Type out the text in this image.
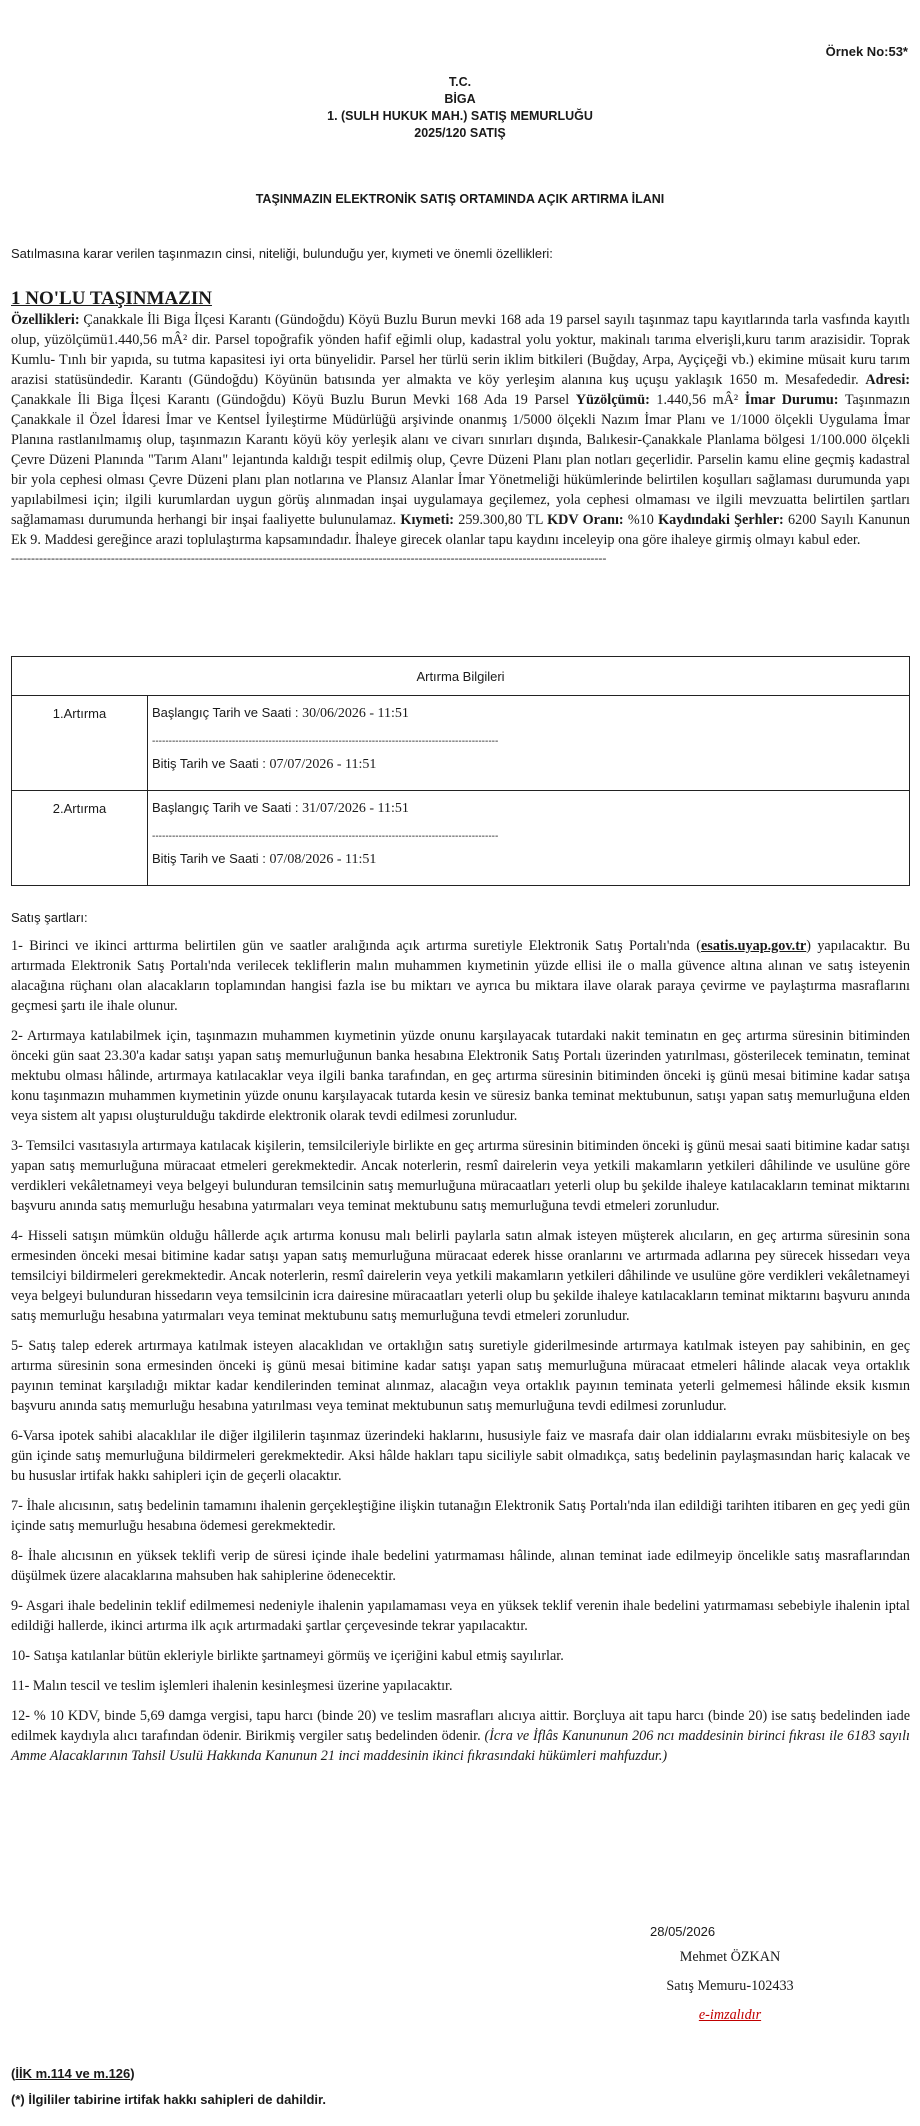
Örnek No:53*
T.C.
BİGA
1. (SULH HUKUK MAH.) SATIŞ MEMURLUĞU
2025/120 SATIŞ
TAŞINMAZIN ELEKTRONİK SATIŞ ORTAMINDA AÇIK ARTIRMA İLANI
Satılmasına karar verilen taşınmazın cinsi, niteliği, bulunduğu yer, kıymeti ve önemli özellikleri:
1 NO'LU TAŞINMAZIN

Özellikleri: Çanakkale İli Biga İlçesi Karantı (Gündoğdu) Köyü Buzlu Burun mevki 168 ada 19 parsel sayılı taşınmaz tapu kayıtlarında tarla vasfında kayıtlı olup, yüzölçümü1.440,56 mÂ² dir. Parsel topoğrafik yönden hafif eğimli olup, kadastral yolu yoktur, makinalı tarıma elverişli,kuru tarım arazisidir. Toprak Kumlu- Tınlı bir yapıda, su tutma kapasitesi iyi orta bünyelidir. Parsel her türlü serin iklim bitkileri (Buğday, Arpa, Ayçiçeği vb.) ekimine müsait kuru tarım arazisi statüsündedir. Karantı (Gündoğdu) Köyünün batısında yer almakta ve köy yerleşim alanına kuş uçuşu yaklaşık 1650 m. Mesafededir. Adresi: Çanakkale İli Biga İlçesi Karantı (Gündoğdu) Köyü Buzlu Burun Mevki 168 Ada 19 Parsel Yüzölçümü: 1.440,56 mÂ² İmar Durumu: Taşınmazın Çanakkale il Özel İdaresi İmar ve Kentsel İyileştirme Müdürlüğü arşivinde onanmış 1/5000 ölçekli Nazım İmar Planı ve 1/1000 ölçekli Uygulama İmar Planına rastlanılmamış olup, taşınmazın Karantı köyü köy yerleşik alanı ve civarı sınırları dışında, Balıkesir-Çanakkale Planlama bölgesi 1/100.000 ölçekli Çevre Düzeni Planında "Tarım Alanı" lejantında kaldığı tespit edilmiş olup, Çevre Düzeni Planı plan notları geçerlidir. Parselin kamu eline geçmiş kadastral bir yola cephesi olması Çevre Düzeni planı plan notlarına ve Plansız Alanlar İmar Yönetmeliği hükümlerinde belirtilen koşulları sağlaması durumunda yapı yapılabilmesi için; ilgili kurumlardan uygun görüş alınmadan inşai uygulamaya geçilemez, yola cephesi olmaması ve ilgili mevzuatta belirtilen şartları sağlamaması durumunda herhangi bir inşai faaliyette bulunulamaz. Kıymeti: 259.300,80 TL KDV Oranı: %10 Kaydındaki Şerhler: 6200 Sayılı Kanunun Ek 9. Maddesi gereğince arazi toplulaştırma kapsamındadır. İhaleye girecek olanlar tapu kaydını inceleyip ona göre ihaleye girmiş olmayı kabul eder.

-----------------------------------------------------------------------------------------------------------------------------------------------------
Artırma Bilgileri	
1.Artırma	Başlangıç Tarih ve Saati : 30/06/2026 - 11:51
--------------------------------------------------------------------------------------------------------
Bitiş Tarih ve Saati : 07/07/2026 - 11:51

2.Artırma	Başlangıç Tarih ve Saati : 31/07/2026 - 11:51
--------------------------------------------------------------------------------------------------------
Bitiş Tarih ve Saati : 07/08/2026 - 11:51
Satış şartları:

1- Birinci ve ikinci arttırma belirtilen gün ve saatler aralığında açık artırma suretiyle Elektronik Satış Portalı'nda (esatis.uyap.gov.tr) yapılacaktır. Bu artırmada Elektronik Satış Portalı'nda verilecek tekliflerin malın muhammen kıymetinin yüzde ellisi ile o malla güvence altına alınan ve satış isteyenin alacağına rüçhanı olan alacakların toplamından hangisi fazla ise bu miktarı ve ayrıca bu miktara ilave olarak paraya çevirme ve paylaştırma masraflarını geçmesi şartı ile ihale olunur.

2- Artırmaya katılabilmek için, taşınmazın muhammen kıymetinin yüzde onunu karşılayacak tutardaki nakit teminatın en geç artırma süresinin bitiminden önceki gün saat 23.30'a kadar satışı yapan satış memurluğunun banka hesabına Elektronik Satış Portalı üzerinden yatırılması, gösterilecek teminatın, teminat mektubu olması hâlinde, artırmaya katılacaklar veya ilgili banka tarafından, en geç artırma süresinin bitiminden önceki iş günü mesai bitimine kadar satışa konu taşınmazın muhammen kıymetinin yüzde onunu karşılayacak tutarda kesin ve süresiz banka teminat mektubunun, satışı yapan satış memurluğuna elden veya sistem alt yapısı oluşturulduğu takdirde elektronik olarak tevdi edilmesi zorunludur.

3- Temsilci vasıtasıyla artırmaya katılacak kişilerin, temsilcileriyle birlikte en geç artırma süresinin bitiminden önceki iş günü mesai saati bitimine kadar satışı yapan satış memurluğuna müracaat etmeleri gerekmektedir. Ancak noterlerin, resmî dairelerin veya yetkili makamların yetkileri dâhilinde ve usulüne göre verdikleri vekâletnameyi veya belgeyi bulunduran temsilcinin satış memurluğuna müracaatları yeterli olup bu şekilde ihaleye katılacakların teminat miktarını başvuru anında satış memurluğu hesabına yatırmaları veya teminat mektubunu satış memurluğuna tevdi etmeleri zorunludur.

4- Hisseli satışın mümkün olduğu hâllerde açık artırma konusu malı belirli paylarla satın almak isteyen müşterek alıcıların, en geç artırma süresinin sona ermesinden önceki mesai bitimine kadar satışı yapan satış memurluğuna müracaat ederek hisse oranlarını ve artırmada adlarına pey sürecek hissedarı veya temsilciyi bildirmeleri gerekmektedir. Ancak noterlerin, resmî dairelerin veya yetkili makamların yetkileri dâhilinde ve usulüne göre verdikleri vekâletnameyi veya belgeyi bulunduran hissedarın veya temsilcinin icra dairesine müracaatları yeterli olup bu şekilde ihaleye katılacakların teminat miktarını başvuru anında satış memurluğu hesabına yatırmaları veya teminat mektubunu satış memurluğuna tevdi etmeleri zorunludur.

5- Satış talep ederek artırmaya katılmak isteyen alacaklıdan ve ortaklığın satış suretiyle giderilmesinde artırmaya katılmak isteyen pay sahibinin, en geç artırma süresinin sona ermesinden önceki iş günü mesai bitimine kadar satışı yapan satış memurluğuna müracaat etmeleri hâlinde alacak veya ortaklık payının teminat karşıladığı miktar kadar kendilerinden teminat alınmaz, alacağın veya ortaklık payının teminata yeterli gelmemesi hâlinde eksik kısmın başvuru anında satış memurluğu hesabına yatırılması veya teminat mektubunun satış memurluğuna tevdi edilmesi zorunludur.

6-Varsa ipotek sahibi alacaklılar ile diğer ilgililerin taşınmaz üzerindeki haklarını, hususiyle faiz ve masrafa dair olan iddialarını evrakı müsbitesiyle on beş gün içinde satış memurluğuna bildirmeleri gerekmektedir. Aksi hâlde hakları tapu siciliyle sabit olmadıkça, satış bedelinin paylaşmasından hariç kalacak ve bu hususlar irtifak hakkı sahipleri için de geçerli olacaktır.

7- İhale alıcısının, satış bedelinin tamamını ihalenin gerçekleştiğine ilişkin tutanağın Elektronik Satış Portalı'nda ilan edildiği tarihten itibaren en geç yedi gün içinde satış memurluğu hesabına ödemesi gerekmektedir.

8- İhale alıcısının en yüksek teklifi verip de süresi içinde ihale bedelini yatırmaması hâlinde, alınan teminat iade edilmeyip öncelikle satış masraflarından düşülmek üzere alacaklarına mahsuben hak sahiplerine ödenecektir.

9- Asgari ihale bedelinin teklif edilmemesi nedeniyle ihalenin yapılamaması veya en yüksek teklif verenin ihale bedelini yatırmaması sebebiyle ihalenin iptal edildiği hallerde, ikinci artırma ilk açık artırmadaki şartlar çerçevesinde tekrar yapılacaktır.

10- Satışa katılanlar bütün ekleriyle birlikte şartnameyi görmüş ve içeriğini kabul etmiş sayılırlar.

11- Malın tescil ve teslim işlemleri ihalenin kesinleşmesi üzerine yapılacaktır.

12- % 10 KDV, binde 5,69 damga vergisi, tapu harcı (binde 20) ve teslim masrafları alıcıya aittir. Borçluya ait tapu harcı (binde 20) ise satış bedelinden iade edilmek kaydıyla alıcı tarafından ödenir. Birikmiş vergiler satış bedelinden ödenir. (İcra ve İflâs Kanununun 206 ncı maddesinin birinci fıkrası ile 6183 sayılı Amme Alacaklarının Tahsil Usulü Hakkında Kanunun 21 inci maddesinin ikinci fıkrasındaki hükümleri mahfuzdur.)

28/05/2026
Mehmet ÖZKAN
Satış Memuru-102433
e-imzalıdır
(İİK m.114 ve m.126)
(*) İlgililer tabirine irtifak hakkı sahipleri de dahildir.
